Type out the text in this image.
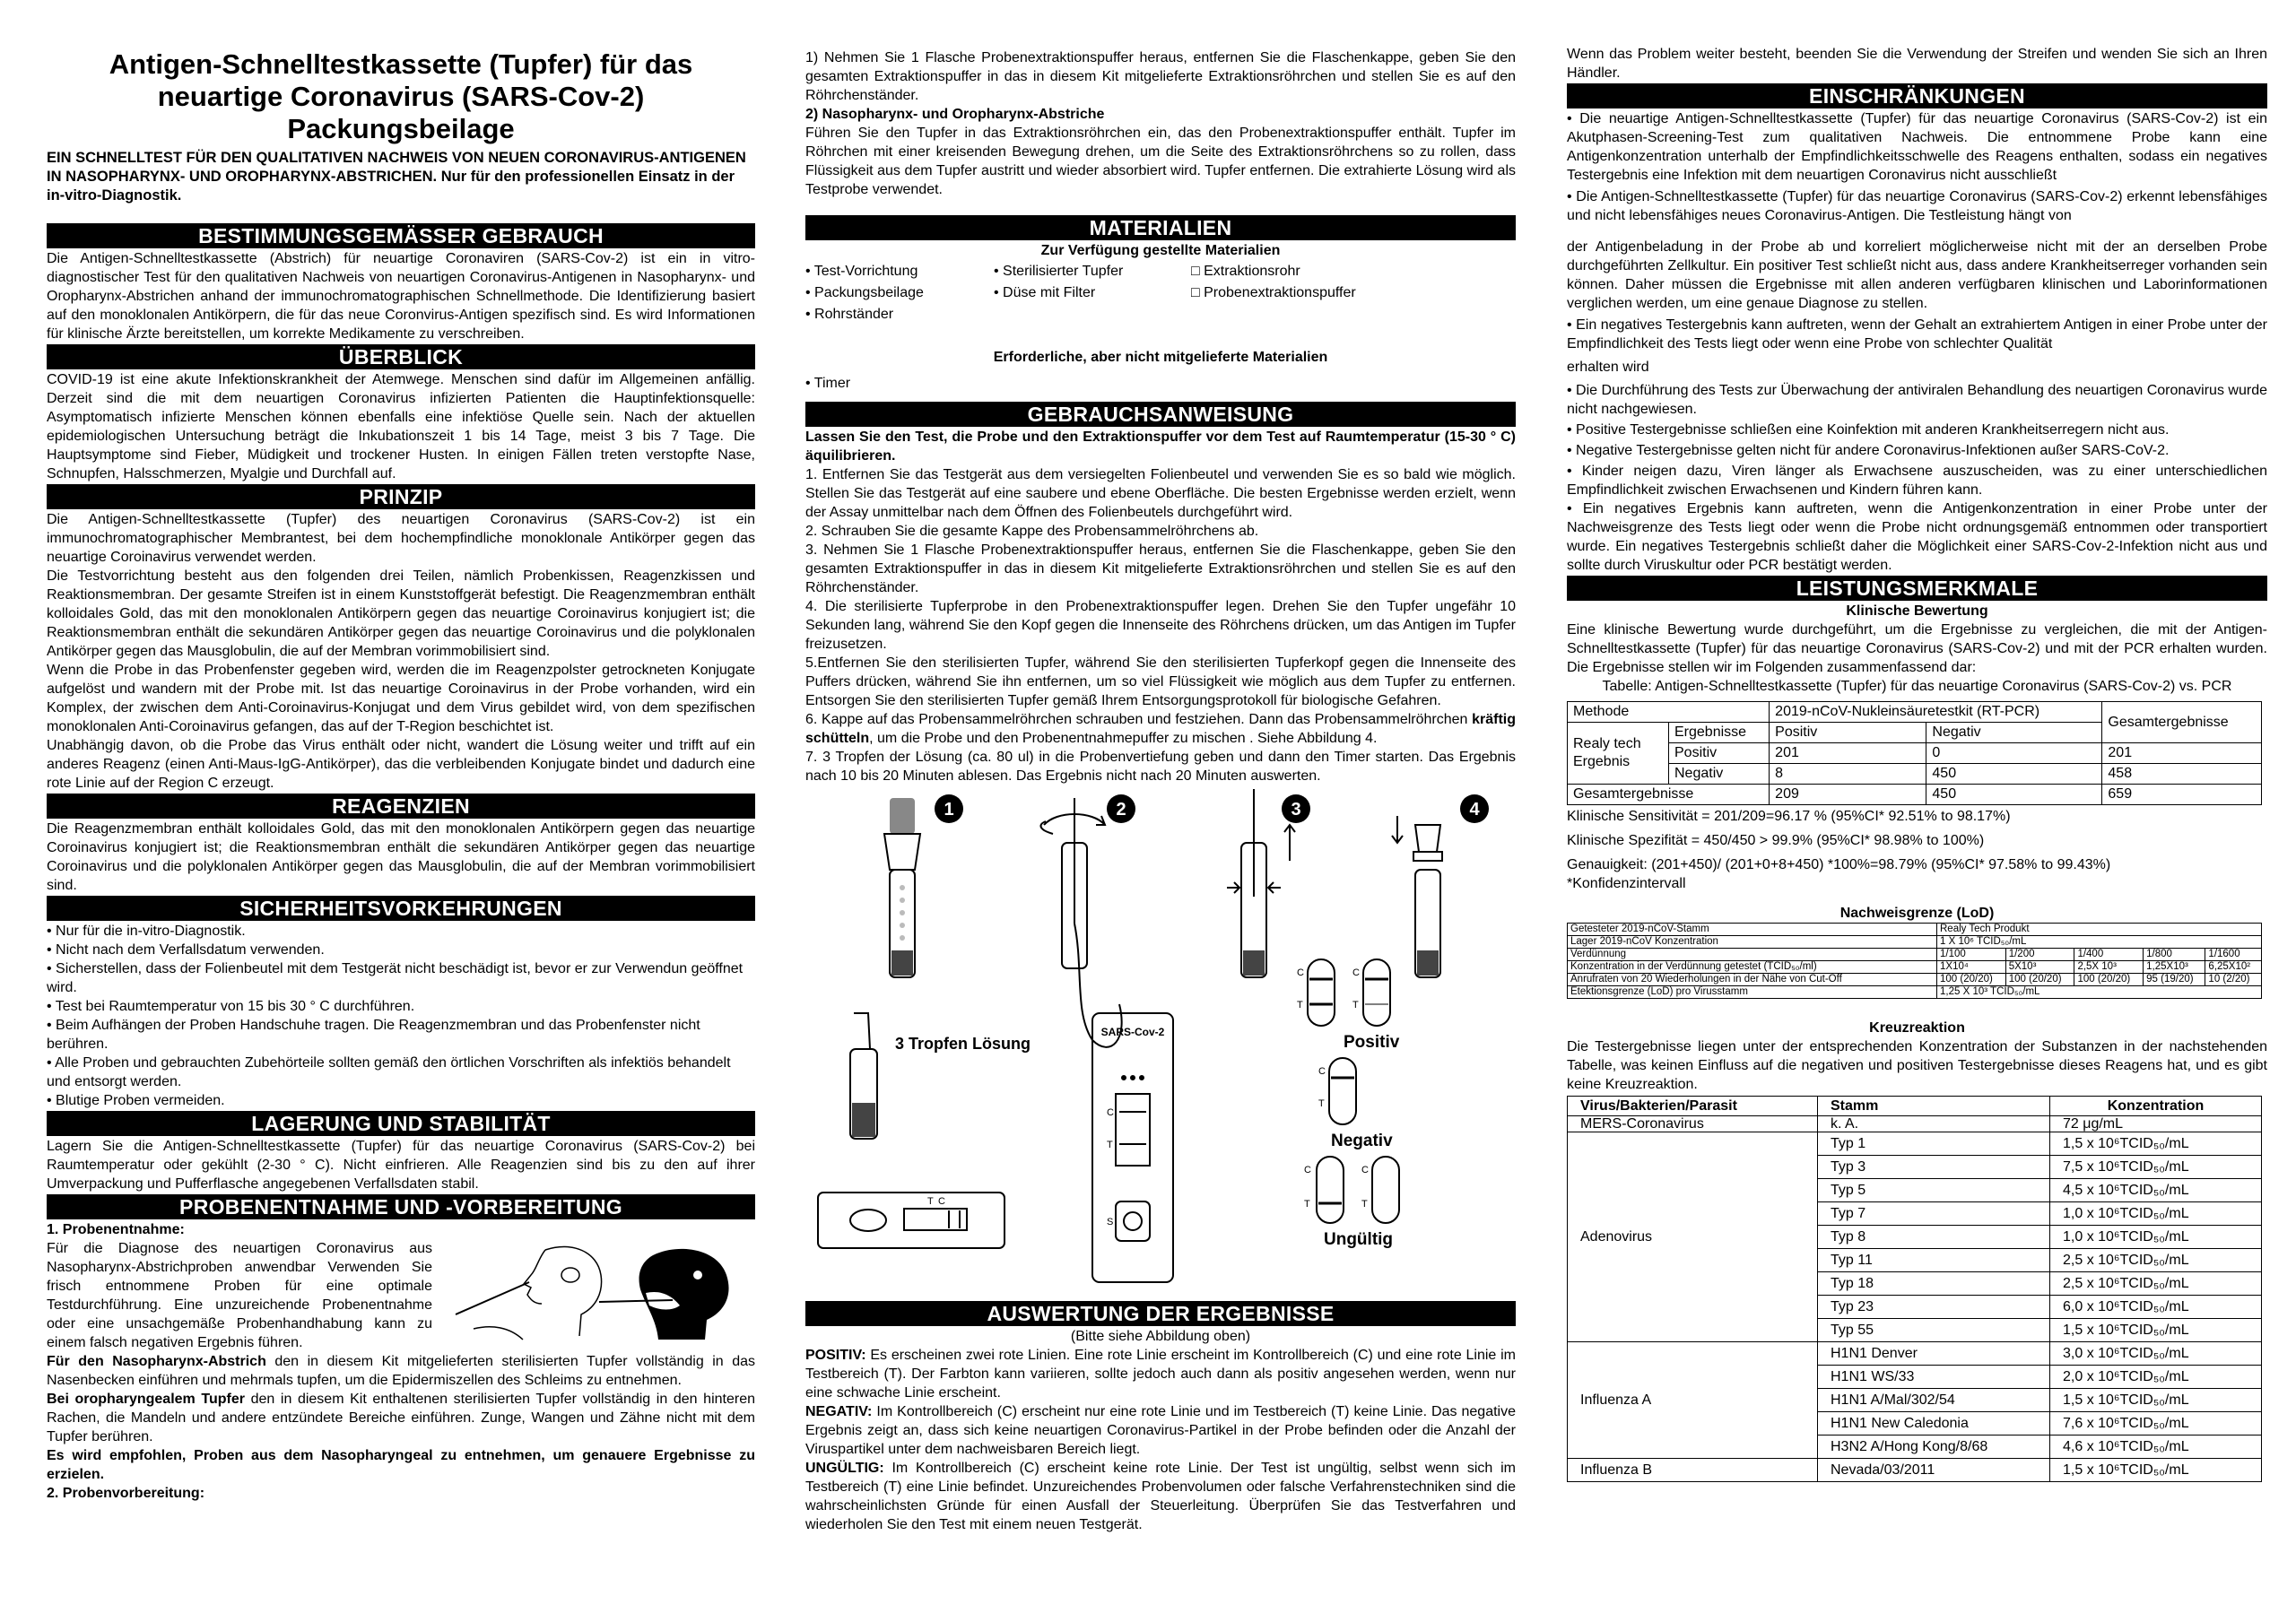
Antigen-Schnelltestkassette (Tupfer) für das neuartige Coronavirus (SARS-Cov-2) Packungsbeilage
EIN SCHNELLTEST FÜR DEN QUALITATIVEN NACHWEIS VON NEUEN CORONAVIRUS-ANTIGENEN IN NASOPHARYNX- UND OROPHARYNX-ABSTRICHEN. Nur für den professionellen Einsatz in der in-vitro-Diagnostik.
BESTIMMUNGSGEMÄSSER GEBRAUCH

Die Antigen-Schnelltestkassette (Abstrich) für neuartige Coronaviren (SARS-Cov-2) ist ein in vitro-diagnostischer Test für den qualitativen Nachweis von neuartigen Coronavirus-Antigenen in Nasopharynx- und Oropharynx-Abstrichen anhand der immunochromatographischen Schnellmethode. Die Identifizierung basiert auf den monoklonalen Antikörpern, die für das neue Coronvirus-Antigen spezifisch sind. Es wird Informationen für klinische Ärzte bereitstellen, um korrekte Medikamente zu verschreiben.

ÜBERBLICK

COVID-19 ist eine akute Infektionskrankheit der Atemwege. Menschen sind dafür im Allgemeinen anfällig. Derzeit sind die mit dem neuartigen Coronavirus infizierten Patienten die Hauptinfektionsquelle: Asymptomatisch infizierte Menschen können ebenfalls eine infektiöse Quelle sein. Nach der aktuellen epidemiologischen Untersuchung beträgt die Inkubationszeit 1 bis 14 Tage, meist 3 bis 7 Tage. Die Hauptsymptome sind Fieber, Müdigkeit und trockener Husten. In einigen Fällen treten verstopfte Nase, Schnupfen, Halsschmerzen, Myalgie und Durchfall auf.

PRINZIP

Die Antigen-Schnelltestkassette (Tupfer) des neuartigen Coronavirus (SARS-Cov-2) ist ein immunochromatographischer Membrantest, bei dem hochempfindliche monoklonale Antikörper gegen das neuartige Coroinavirus verwendet werden.

Die Testvorrichtung besteht aus den folgenden drei Teilen, nämlich Probenkissen, Reagenzkissen und Reaktionsmembran. Der gesamte Streifen ist in einem Kunststoffgerät befestigt. Die Reagenzmembran enthält kolloidales Gold, das mit den monoklonalen Antikörpern gegen das neuartige Coroinavirus konjugiert ist; die Reaktionsmembran enthält die sekundären Antikörper gegen das neuartige Coroinavirus und die polyklonalen Antikörper gegen das Mausglobulin, die auf der Membran vorimmobilisiert sind.

Wenn die Probe in das Probenfenster gegeben wird, werden die im Reagenzpolster getrockneten Konjugate aufgelöst und wandern mit der Probe mit. Ist das neuartige Coroinavirus in der Probe vorhanden, wird ein Komplex, der zwischen dem Anti-Coroinavirus-Konjugat und dem Virus gebildet wird, von dem spezifischen monoklonalen Anti-Coroinavirus gefangen, das auf der T-Region beschichtet ist.

Unabhängig davon, ob die Probe das Virus enthält oder nicht, wandert die Lösung weiter und trifft auf ein anderes Reagenz (einen Anti-Maus-IgG-Antikörper), das die verbleibenden Konjugate bindet und dadurch eine rote Linie auf der Region C erzeugt.

REAGENZIEN

Die Reagenzmembran enthält kolloidales Gold, das mit den monoklonalen Antikörpern gegen das neuartige Coroinavirus konjugiert ist; die Reaktionsmembran enthält die sekundären Antikörper gegen das neuartige Coroinavirus und die polyklonalen Antikörper gegen das Mausglobulin, die auf der Membran vorimmobilisiert sind.

SICHERHEITSVORKEHRUNGEN
• Nur für die in-vitro-Diagnostik.
• Nicht nach dem Verfallsdatum verwenden.
• Sicherstellen, dass der Folienbeutel mit dem Testgerät nicht beschädigt ist, bevor er zur Verwendun geöffnet wird.
• Test bei Raumtemperatur von 15 bis 30 ° C durchführen.
• Beim Aufhängen der Proben Handschuhe tragen. Die Reagenzmembran und das Probenfenster nicht berühren.
• Alle Proben und gebrauchten Zubehörteile sollten gemäß den örtlichen Vorschriften als infektiös behandelt und entsorgt werden.
• Blutige Proben vermeiden.
LAGERUNG UND STABILITÄT

Lagern Sie die Antigen-Schnelltestkassette (Tupfer) für das neuartige Coronavirus (SARS-Cov-2) bei Raumtemperatur oder gekühlt (2-30 ° C). Nicht einfrieren. Alle Reagenzien sind bis zu den auf ihrer Umverpackung und Pufferflasche angegebenen Verfallsdaten stabil.

PROBENENTNAHME UND -VORBEREITUNG

1. Probenentnahme:

Für die Diagnose des neuartigen Coronavirus aus Nasopharynx-Abstrichproben anwendbar Verwenden Sie frisch entnommene Proben für eine optimale Testdurchführung. Eine unzureichende Probenentnahme oder eine unsachgemäße Probenhandhabung kann zu einem falsch negativen Ergebnis führen.

Für den Nasopharynx-Abstrich den in diesem Kit mitgelieferten sterilisierten Tupfer vollständig in das Nasenbecken einführen und mehrmals tupfen, um die Epidermiszellen des Schleims zu entnehmen.

Bei oropharyngealem Tupfer den in diesem Kit enthaltenen sterilisierten Tupfer vollständig in den hinteren Rachen, die Mandeln und andere entzündete Bereiche einführen. Zunge, Wangen und Zähne nicht mit dem Tupfer berühren.

Es wird empfohlen, Proben aus dem Nasopharyngeal zu entnehmen, um genauere Ergebnisse zu erzielen.

2. Probenvorbereitung:

1) Nehmen Sie 1 Flasche Probenextraktionspuffer heraus, entfernen Sie die Flaschenkappe, geben Sie den gesamten Extraktionspuffer in das in diesem Kit mitgelieferte Extraktionsröhrchen und stellen Sie es auf den Röhrchenständer.

2) Nasopharynx- und Oropharynx-Abstriche

Führen Sie den Tupfer in das Extraktionsröhrchen ein, das den Probenextraktionspuffer enthält. Tupfer im Röhrchen mit einer kreisenden Bewegung drehen, um die Seite des Extraktionsröhrchens so zu rollen, dass Flüssigkeit aus dem Tupfer austritt und wieder absorbiert wird. Tupfer entfernen. Die extrahierte Lösung wird als Testprobe verwendet.

MATERIALIEN

Zur Verfügung gestellte Materialien

• Test-Vorrichtung	• Sterilisierter Tupfer	□ Extraktionsrohr
• Packungsbeilage	• Düse mit Filter	□ Probenextraktionspuffer
• Rohrständer

Erforderliche, aber nicht mitgelieferte Materialien

• Timer

GEBRAUCHSANWEISUNG

Lassen Sie den Test, die Probe und den Extraktionspuffer vor dem Test auf Raumtemperatur (15-30 ° C) äquilibrieren.

1. Entfernen Sie das Testgerät aus dem versiegelten Folienbeutel und verwenden Sie es so bald wie möglich. Stellen Sie das Testgerät auf eine saubere und ebene Oberfläche. Die besten Ergebnisse werden erzielt, wenn der Assay unmittelbar nach dem Öffnen des Folienbeutels durchgeführt wird.

2. Schrauben Sie die gesamte Kappe des Probensammelröhrchens ab.

3. Nehmen Sie 1 Flasche Probenextraktionspuffer heraus, entfernen Sie die Flaschenkappe, geben Sie den gesamten Extraktionspuffer in das in diesem Kit mitgelieferte Extraktionsröhrchen und stellen Sie es auf den Röhrchenständer.

4. Die sterilisierte Tupferprobe in den Probenextraktionspuffer legen. Drehen Sie den Tupfer ungefähr 10 Sekunden lang, während Sie den Kopf gegen die Innenseite des Röhrchens drücken, um das Antigen im Tupfer freizusetzen.

5.Entfernen Sie den sterilisierten Tupfer, während Sie den sterilisierten Tupferkopf gegen die Innenseite des Puffers drücken, während Sie ihn entfernen, um so viel Flüssigkeit wie möglich aus dem Tupfer zu entfernen. Entsorgen Sie den sterilisierten Tupfer gemäß Ihrem Entsorgungsprotokoll für biologische Gefahren.

6. Kappe auf das Probensammelröhrchen schrauben und festziehen. Dann das Probensammelröhrchen kräftig schütteln, um die Probe und den Probenentnahmepuffer zu mischen . Siehe Abbildung 4.

7. 3 Tropfen der Lösung (ca. 80 ul) in die Probenvertiefung geben und dann den Timer starten. Das Ergebnis nach 10 bis 20 Minuten ablesen. Das Ergebnis nicht nach 20 Minuten auswerten.

1	2	3	4
3 Tropfen Lösung
C
T
SARS-Cov-2
C
T
S
C
T
C
T
Positiv
C
T
Negativ
C
T
C
T
Ungültig
AUSWERTUNG DER ERGEBNISSE

(Bitte siehe Abbildung oben)

POSITIV: Es erscheinen zwei rote Linien. Eine rote Linie erscheint im Kontrollbereich (C) und eine rote Linie im Testbereich (T). Der Farbton kann variieren, sollte jedoch auch dann als positiv angesehen werden, wenn nur eine schwache Linie erscheint.

NEGATIV: Im Kontrollbereich (C) erscheint nur eine rote Linie und im Testbereich (T) keine Linie. Das negative Ergebnis zeigt an, dass sich keine neuartigen Coronavirus-Partikel in der Probe befinden oder die Anzahl der Viruspartikel unter dem nachweisbaren Bereich liegt.

UNGÜLTIG: Im Kontrollbereich (C) erscheint keine rote Linie. Der Test ist ungültig, selbst wenn sich im Testbereich (T) eine Linie befindet. Unzureichendes Probenvolumen oder falsche Verfahrenstechniken sind die wahrscheinlichsten Gründe für einen Ausfall der Steuerleitung. Überprüfen Sie das Testverfahren und wiederholen Sie den Test mit einem neuen Testgerät.

Wenn das Problem weiter besteht, beenden Sie die Verwendung der Streifen und wenden Sie sich an Ihren Händler.

EINSCHRÄNKUNGEN

• Die neuartige Antigen-Schnelltestkassette (Tupfer) für das neuartige Coronavirus (SARS-Cov-2) ist ein Akutphasen-Screening-Test zum qualitativen Nachweis. Die entnommene Probe kann eine Antigenkonzentration unterhalb der Empfindlichkeitsschwelle des Reagens enthalten, sodass ein negatives Testergebnis eine Infektion mit dem neuartigen Coronavirus nicht ausschließt

• Die Antigen-Schnelltestkassette (Tupfer) für das neuartige Coronavirus (SARS-Cov-2) erkennt lebensfähiges und nicht lebensfähiges neues Coronavirus-Antigen. Die Testleistung hängt von

der Antigenbeladung in der Probe ab und korreliert möglicherweise nicht mit der an derselben Probe durchgeführten Zellkultur. Ein positiver Test schließt nicht aus, dass andere Krankheitserreger vorhanden sein können. Daher müssen die Ergebnisse mit allen anderen verfügbaren klinischen und Laborinformationen verglichen werden, um eine genaue Diagnose zu stellen.

• Ein negatives Testergebnis kann auftreten, wenn der Gehalt an extrahiertem Antigen in einer Probe unter der Empfindlichkeit des Tests liegt oder wenn eine Probe von schlechter Qualität

erhalten wird

• Die Durchführung des Tests zur Überwachung der antiviralen Behandlung des neuartigen Coronavirus wurde nicht nachgewiesen.

• Positive Testergebnisse schließen eine Koinfektion mit anderen Krankheitserregern nicht aus.

• Negative Testergebnisse gelten nicht für andere Coronavirus-Infektionen außer SARS-CoV-2.

• Kinder neigen dazu, Viren länger als Erwachsene auszuscheiden, was zu einer unterschiedlichen Empfindlichkeit zwischen Erwachsenen und Kindern führen kann.

• Ein negatives Ergebnis kann auftreten, wenn die Antigenkonzentration in einer Probe unter der Nachweisgrenze des Tests liegt oder wenn die Probe nicht ordnungsgemäß entnommen oder transportiert wurde. Ein negatives Testergebnis schließt daher die Möglichkeit einer SARS-Cov-2-Infektion nicht aus und sollte durch Viruskultur oder PCR bestätigt werden.

LEISTUNGSMERKMALE

Klinische Bewertung

Eine klinische Bewertung wurde durchgeführt, um die Ergebnisse zu vergleichen, die mit der Antigen-Schnelltestkassette (Tupfer) für das neuartige Coronavirus (SARS-Cov-2) und mit der PCR erhalten wurden. Die Ergebnisse stellen wir im Folgenden zusammenfassend dar:

Tabelle: Antigen-Schnelltestkassette (Tupfer) für das neuartige Coronavirus (SARS-Cov-2) vs. PCR

Methode		2019-nCoV-Nukleinsäuretestkit (RT-PCR)		Gesamtergebnisse
Realy tech Ergebnis	Ergebnisse	Positiv	Negativ	
	Positiv	201	0	201
	Negativ	8	450	458
Gesamtergebnisse		209	450	659

Klinische Sensitivität = 201/209=96.17 % (95%CI* 92.51% to 98.17%)

Klinische Spezifität = 450/450 > 99.9% (95%CI* 98.98% to 100%)

Genauigkeit: (201+450)/ (201+0+8+450) *100%=98.79% (95%CI* 97.58% to 99.43%)

*Konfidenzintervall

Nachweisgrenze (LoD)

Getesteter 2019-nCoV-Stamm	Realy Tech Produkt				
Lager 2019-nCoV Konzentration	1 X 10⁶ TCID₅₀/mL				
Verdünnung	1/100	1/200	1/400	1/800	1/1600
Konzentration in der Verdünnung getestet (TCID₅₀/ml)	1X10⁴	5X10³	2,5X 10³	1,25X10³	6,25X10²
Anrufraten von 20 Wiederholungen in der Nähe von Cut-Off	100 (20/20)	100 (20/20)	100 (20/20)	95 (19/20)	10 (2/20)
Etektionsgrenze (LoD) pro Virusstamm	1,25 X 10³ TCID₅₀/mL				

Kreuzreaktion

Die Testergebnisse liegen unter der entsprechenden Konzentration der Substanzen in der nachstehenden Tabelle, was keinen Einfluss auf die negativen und positiven Testergebnisse dieses Reagens hat, und es gibt keine Kreuzreaktion.

Virus/Bakterien/Parasit	Stamm	Konzentration
MERS-Coronavirus	k. A.	72 μg/mL
Adenovirus	Typ 1	1,5 x 10⁶TCID₅₀/mL
	Typ 3	7,5 x 10⁶TCID₅₀/mL
	Typ 5	4,5 x 10⁶TCID₅₀/mL
	Typ 7	1,0 x 10⁶TCID₅₀/mL
	Typ 8	1,0 x 10⁶TCID₅₀/mL
	Typ 11	2,5 x 10⁶TCID₅₀/mL
	Typ 18	2,5 x 10⁶TCID₅₀/mL
	Typ 23	6,0 x 10⁶TCID₅₀/mL
	Typ 55	1,5 x 10⁶TCID₅₀/mL
Influenza A	H1N1 Denver	3,0 x 10⁶TCID₅₀/mL
	H1N1 WS/33	2,0 x 10⁶TCID₅₀/mL
	H1N1 A/Mal/302/54	1,5 x 10⁶TCID₅₀/mL
	H1N1 New Caledonia	7,6 x 10⁶TCID₅₀/mL
	H3N2 A/Hong Kong/8/68	4,6 x 10⁶TCID₅₀/mL
Influenza B	Nevada/03/2011	1,5 x 10⁶TCID₅₀/mL
